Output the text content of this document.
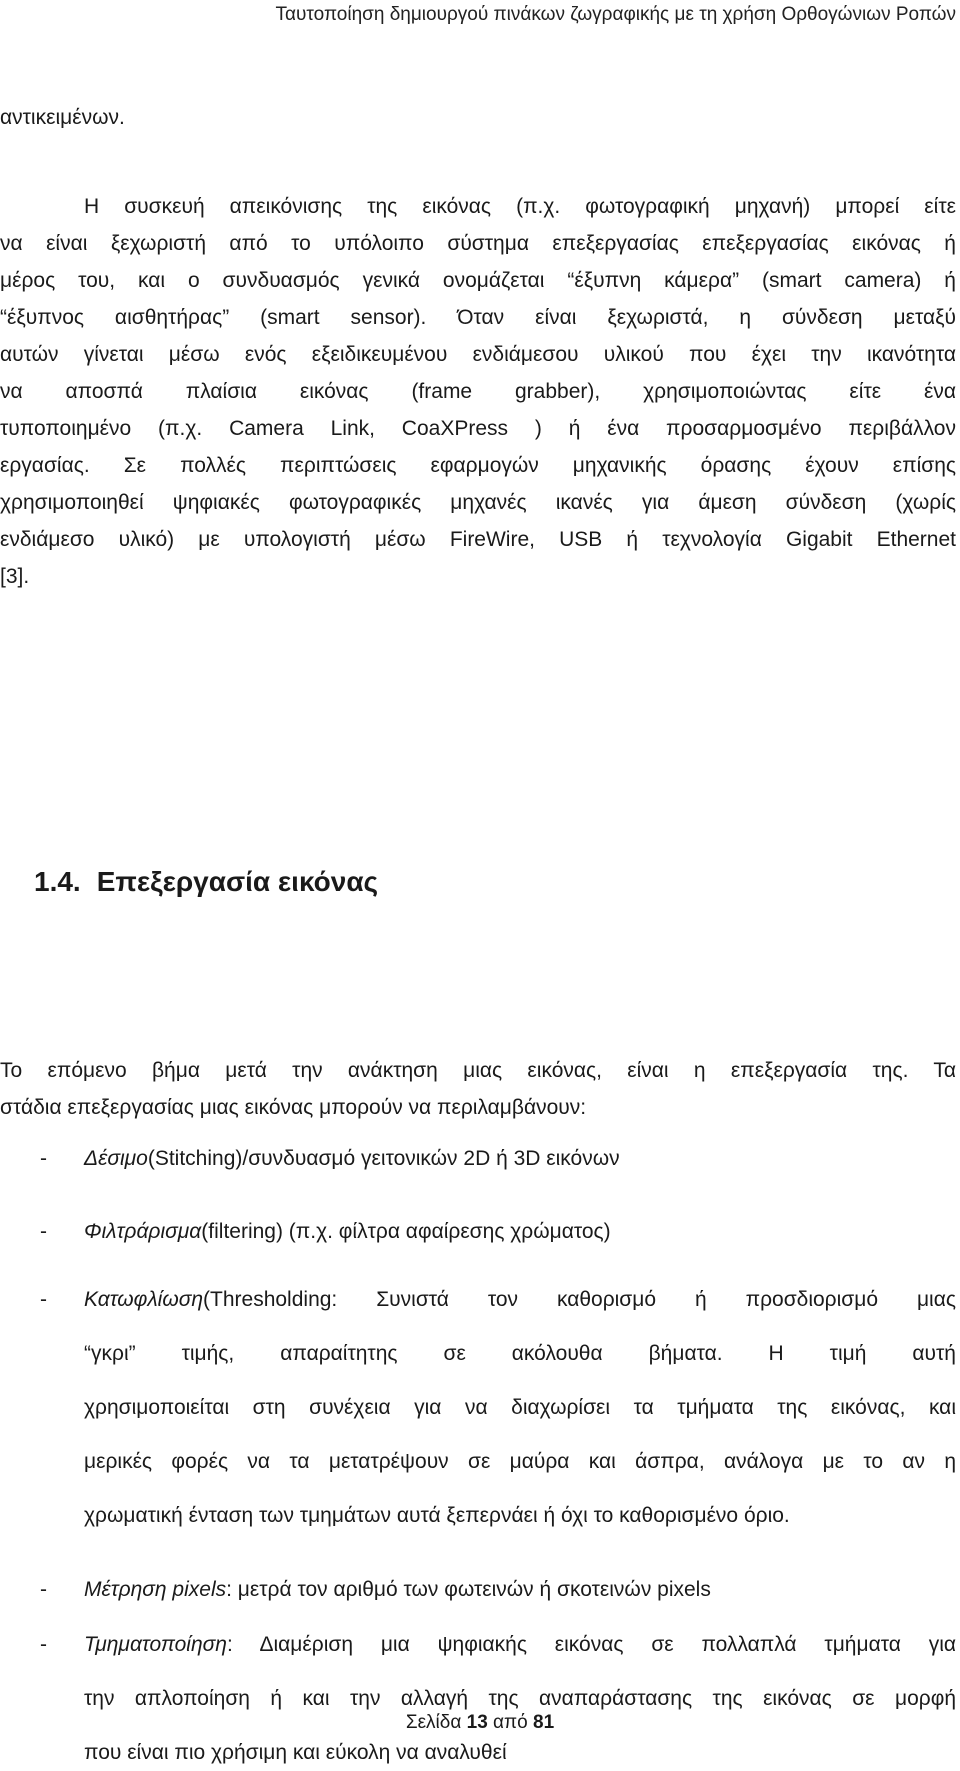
Ταυτοποίηση δημιουργού πινάκων ζωγραφικής με τη χρήση Ορθογώνιων Ροπών
αντικειμένων.
Η συσκευή απεικόνισης της εικόνας (π.χ. φωτογραφική μηχανή) μπορεί είτε
να είναι ξεχωριστή από το υπόλοιπο σύστημα επεξεργασίας επεξεργασίας εικόνας ή
μέρος του, και ο συνδυασμός γενικά ονομάζεται “έξυπνη κάμερα” (smart camera) ή
“έξυπνος αισθητήρας” (smart sensor). Όταν είναι ξεχωριστά, η σύνδεση μεταξύ
αυτών γίνεται μέσω ενός εξειδικευμένου ενδιάμεσου υλικού που έχει την ικανότητα
να αποσπά πλαίσια εικόνας (frame grabber), χρησιμοποιώντας είτε ένα
τυποποιημένο (π.χ. Camera Link, CoaXPress ) ή ένα προσαρμοσμένο περιβάλλον
εργασίας. Σε πολλές περιπτώσεις εφαρμογών μηχανικής όρασης έχουν επίσης
χρησιμοποιηθεί ψηφιακές φωτογραφικές μηχανές ικανές για άμεση σύνδεση (χωρίς
ενδιάμεσο υλικό) με υπολογιστή μέσω FireWire, USB ή τεχνολογία Gigabit Ethernet
[3].
1.4. Επεξεργασία εικόνας
Το επόμενο βήμα μετά την ανάκτηση μιας εικόνας, είναι η επεξεργασία της. Τα
στάδια επεξεργασίας μιας εικόνας μπορούν να περιλαμβάνουν:
- Δέσιμο(Stitching)/συνδυασμό γειτονικών 2D ή 3D εικόνων
- Φιλτράρισμα(filtering) (π.χ. φίλτρα αφαίρεσης χρώματος)
- Κατωφλίωση (Thresholding: Συνιστά τον καθορισμό ή προσδιορισμό μιας
“γκρι” τιμής, απαραίτητης σε ακόλουθα βήματα. Η τιμή αυτή
χρησιμοποιείται στη συνέχεια για να διαχωρίσει τα τμήματα της εικόνας, και
μερικές φορές να τα μετατρέψουν σε μαύρα και άσπρα, ανάλογα με το αν η
χρωματική ένταση των τμημάτων αυτά ξεπερνάει ή όχι το καθορισμένο όριο.
- Μέτρηση pixels: μετρά τον αριθμό των φωτεινών ή σκοτεινών pixels
- Τμηματοποίηση : Διαμέριση μια ψηφιακής εικόνας σε πολλαπλά τμήματα για
την απλοποίηση ή και την αλλαγή της αναπαράστασης της εικόνας σε μορφή
που είναι πιο χρήσιμη και εύκολη να αναλυθεί
Σελίδα 13 από 81
